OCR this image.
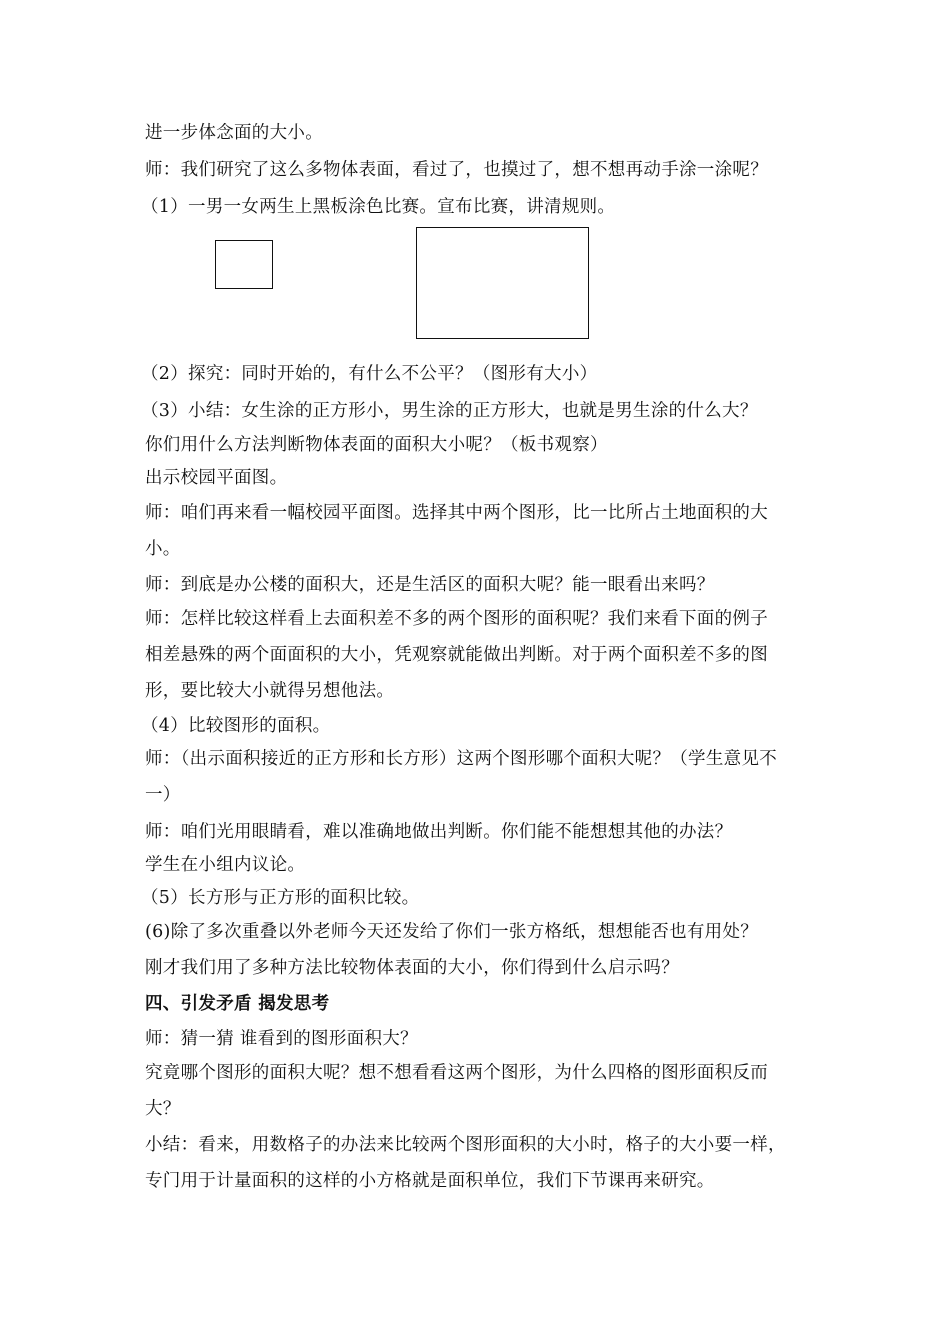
进一步体念面的大小。
师：我们研究了这么多物体表面，看过了，也摸过了，想不想再动手涂一涂呢？
（1）一男一女两生上黑板涂色比赛。宣布比赛，讲清规则。
（2）探究：同时开始的，有什么不公平？（图形有大小）
（3）小结：女生涂的正方形小，男生涂的正方形大，也就是男生涂的什么大？
你们用什么方法判断物体表面的面积大小呢？（板书观察）
出示校园平面图。
师：咱们再来看一幅校园平面图。选择其中两个图形，比一比所占土地面积的大
小。
师：到底是办公楼的面积大，还是生活区的面积大呢？能一眼看出来吗？
师：怎样比较这样看上去面积差不多的两个图形的面积呢？我们来看下面的例子
相差悬殊的两个面面积的大小，凭观察就能做出判断。对于两个面积差不多的图
形，要比较大小就得另想他法。
（4）比较图形的面积。
师：（出示面积接近的正方形和长方形）这两个图形哪个面积大呢？（学生意见不
一）
师：咱们光用眼睛看，难以准确地做出判断。你们能不能想想其他的办法？
学生在小组内议论。
（5）长方形与正方形的面积比较。
(6)除了多次重叠以外老师今天还发给了你们一张方格纸，想想能否也有用处？
刚才我们用了多种方法比较物体表面的大小，你们得到什么启示吗？
四、引发矛盾 揭发思考
师：猜一猜 谁看到的图形面积大？
究竟哪个图形的面积大呢？想不想看看这两个图形，为什么四格的图形面积反而
大？
小结：看来，用数格子的办法来比较两个图形面积的大小时，格子的大小要一样，
专门用于计量面积的这样的小方格就是面积单位，我们下节课再来研究。
